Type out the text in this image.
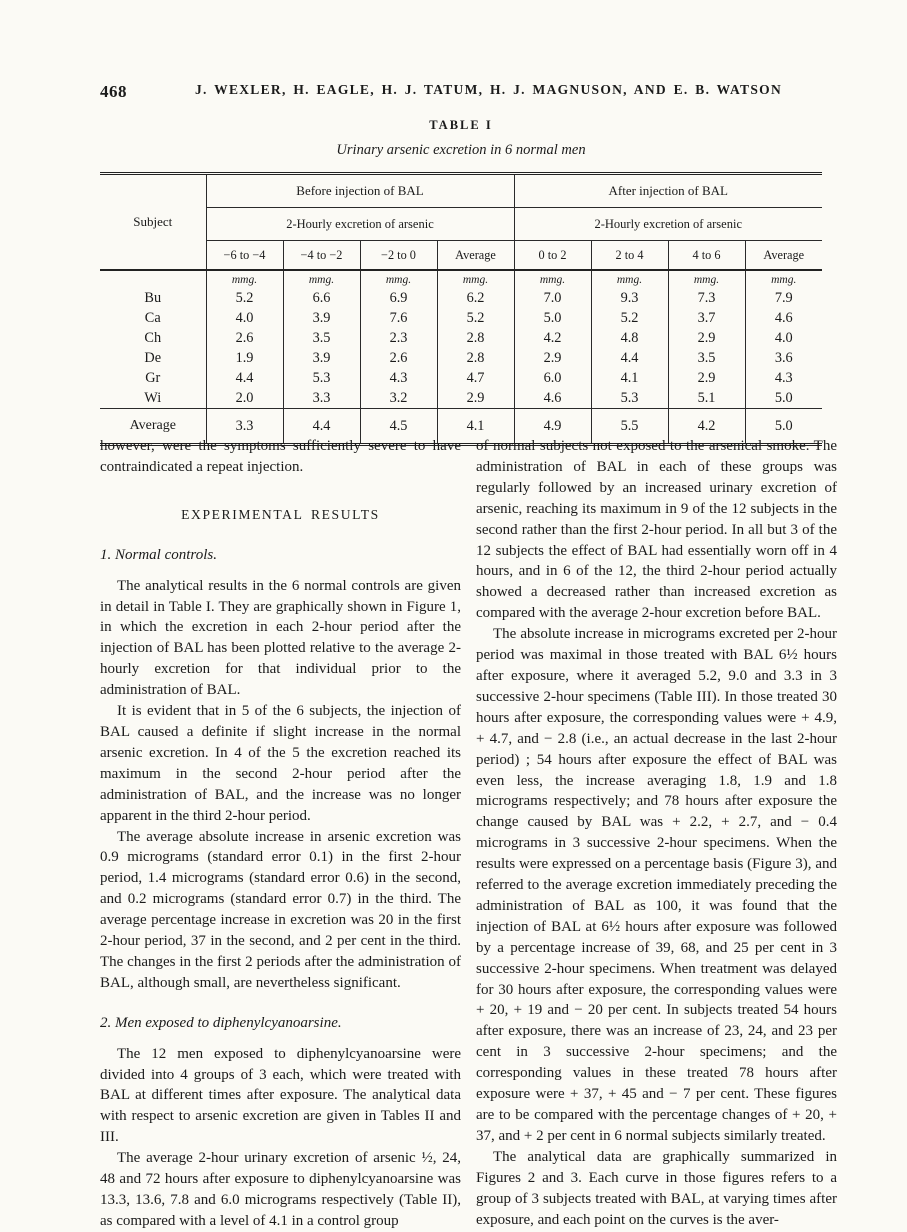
468	J. WEXLER, H. EAGLE, H. J. TATUM, H. J. MAGNUSON, AND E. B. WATSON
TABLE I
Urinary arsenic excretion in 6 normal men
Subject	Before injection of BAL				After injection of BAL			
	2-Hourly excretion of arsenic				2-Hourly excretion of arsenic			
	−6 to −4	−4 to −2	−2 to 0	Average	0 to 2	2 to 4	4 to 6	Average
	mmg.	mmg.	mmg.	mmg.	mmg.	mmg.	mmg.	mmg.
Bu	5.2	6.6	6.9	6.2	7.0	9.3	7.3	7.9
Ca	4.0	3.9	7.6	5.2	5.0	5.2	3.7	4.6
Ch	2.6	3.5	2.3	2.8	4.2	4.8	2.9	4.0
De	1.9	3.9	2.6	2.8	2.9	4.4	3.5	3.6
Gr	4.4	5.3	4.3	4.7	6.0	4.1	2.9	4.3
Wi	2.0	3.3	3.2	2.9	4.6	5.3	5.1	5.0
Average	3.3	4.4	4.5	4.1	4.9	5.5	4.2	5.0

however, were the symptoms sufficiently severe to have contraindicated a repeat injection.

EXPERIMENTAL RESULTS
1. Normal controls.

The analytical results in the 6 normal controls are given in detail in Table I. They are graphically shown in Figure 1, in which the excretion in each 2-hour period after the injection of BAL has been plotted relative to the average 2-hourly excretion for that individual prior to the administration of BAL.

It is evident that in 5 of the 6 subjects, the injection of BAL caused a definite if slight increase in the normal arsenic excretion. In 4 of the 5 the excretion reached its maximum in the second 2-hour period after the administration of BAL, and the increase was no longer apparent in the third 2-hour period.

The average absolute increase in arsenic excretion was 0.9 micrograms (standard error 0.1) in the first 2-hour period, 1.4 micrograms (standard error 0.6) in the second, and 0.2 micrograms (standard error 0.7) in the third. The average percentage increase in excretion was 20 in the first 2-hour period, 37 in the second, and 2 per cent in the third. The changes in the first 2 periods after the administration of BAL, although small, are nevertheless significant.

2. Men exposed to diphenylcyanoarsine.

The 12 men exposed to diphenylcyanoarsine were divided into 4 groups of 3 each, which were treated with BAL at different times after exposure. The analytical data with respect to arsenic excretion are given in Tables II and III.

The average 2-hour urinary excretion of arsenic ½, 24, 48 and 72 hours after exposure to diphenylcyanoarsine was 13.3, 13.6, 7.8 and 6.0 micrograms respectively (Table II), as compared with a level of 4.1 in a control group

of normal subjects not exposed to the arsenical smoke. The administration of BAL in each of these groups was regularly followed by an increased urinary excretion of arsenic, reaching its maximum in 9 of the 12 subjects in the second rather than the first 2-hour period. In all but 3 of the 12 subjects the effect of BAL had essentially worn off in 4 hours, and in 6 of the 12, the third 2-hour period actually showed a decreased rather than increased excretion as compared with the average 2-hour excretion before BAL.

The absolute increase in micrograms excreted per 2-hour period was maximal in those treated with BAL 6½ hours after exposure, where it averaged 5.2, 9.0 and 3.3 in 3 successive 2-hour specimens (Table III). In those treated 30 hours after exposure, the corresponding values were + 4.9, + 4.7, and − 2.8 (i.e., an actual decrease in the last 2-hour period) ; 54 hours after exposure the effect of BAL was even less, the increase averaging 1.8, 1.9 and 1.8 micrograms respectively; and 78 hours after exposure the change caused by BAL was + 2.2, + 2.7, and − 0.4 micrograms in 3 successive 2-hour specimens. When the results were expressed on a percentage basis (Figure 3), and referred to the average excretion immediately preceding the administration of BAL as 100, it was found that the injection of BAL at 6½ hours after exposure was followed by a percentage increase of 39, 68, and 25 per cent in 3 successive 2-hour specimens. When treatment was delayed for 30 hours after exposure, the corresponding values were + 20, + 19 and − 20 per cent. In subjects treated 54 hours after exposure, there was an increase of 23, 24, and 23 per cent in 3 successive 2-hour specimens; and the corresponding values in these treated 78 hours after exposure were + 37, + 45 and − 7 per cent. These figures are to be compared with the percentage changes of + 20, + 37, and + 2 per cent in 6 normal subjects similarly treated.

The analytical data are graphically summarized in Figures 2 and 3. Each curve in those figures refers to a group of 3 subjects treated with BAL, at varying times after exposure, and each point on the curves is the aver-
